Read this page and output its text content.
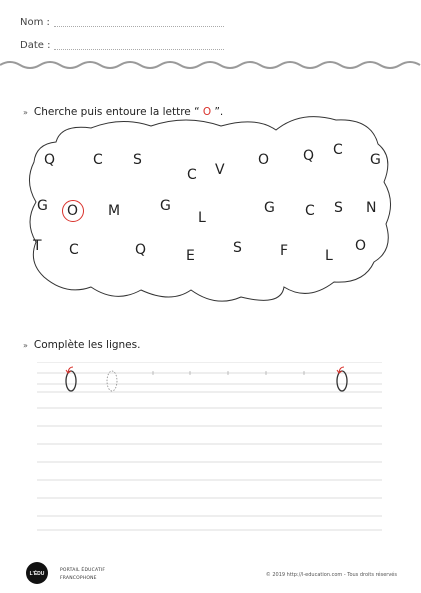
Nom :
Date :
» Cherche puis entoure la lettre “ O ”.
Q	C S
C V
O Q C
G
G O M	G
L
G C S N
T C	Q	E	S	F	L
O
» Complète les lignes.
L'ÉDU
PORTAIL ÉDUCATIF
FRANCOPHONE
© 2019 http://l-education.com - Tous droits réservés
